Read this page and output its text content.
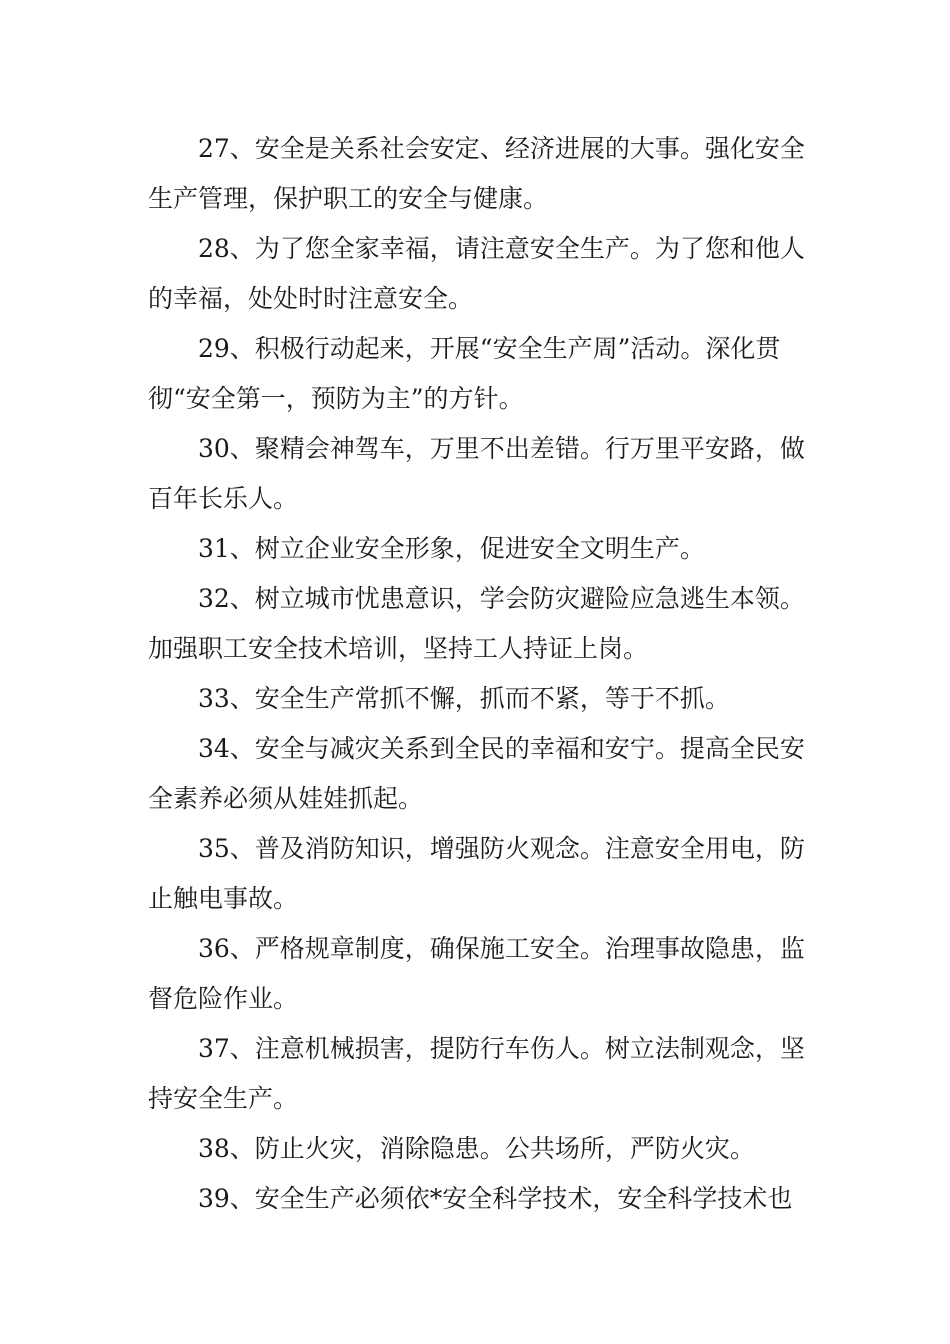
27、安全是关系社会安定、经济进展的大事。强化安全生产管理，保护职工的安全与健康。

28、为了您全家幸福，请注意安全生产。为了您和他人的幸福，处处时时注意安全。

29、积极行动起来，开展“安全生产周”活动。深化贯彻“安全第一，预防为主”的方针。

30、聚精会神驾车，万里不出差错。行万里平安路，做百年长乐人。

31、树立企业安全形象，促进安全文明生产。

32、树立城市忧患意识，学会防灾避险应急逃生本领。加强职工安全技术培训，坚持工人持证上岗。

33、安全生产常抓不懈，抓而不紧，等于不抓。

34、安全与减灾关系到全民的幸福和安宁。提高全民安全素养必须从娃娃抓起。

35、普及消防知识，增强防火观念。注意安全用电，防止触电事故。

36、严格规章制度，确保施工安全。治理事故隐患，监督危险作业。

37、注意机械损害，提防行车伤人。树立法制观念，坚持安全生产。

38、防止火灾，消除隐患。公共场所，严防火灾。

39、安全生产必须依*安全科学技术，安全科学技术也
